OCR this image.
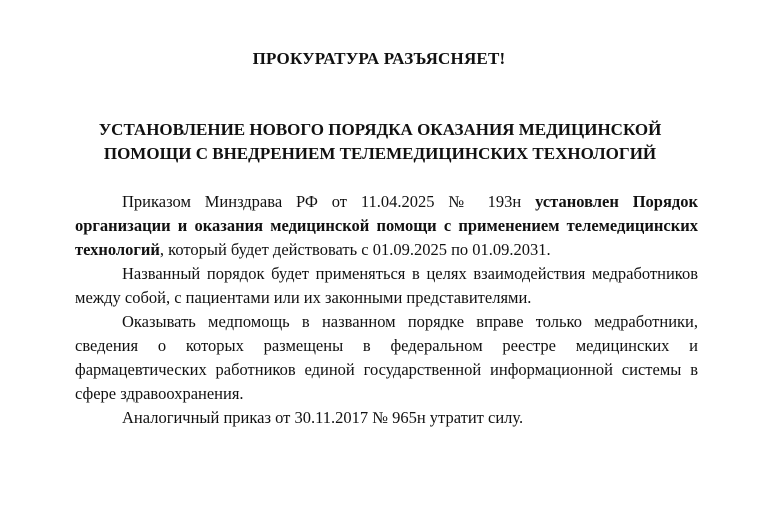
ПРОКУРАТУРА РАЗЪЯСНЯЕТ!
УСТАНОВЛЕНИЕ НОВОГО ПОРЯДКА ОКАЗАНИЯ МЕДИЦИНСКОЙ
ПОМОЩИ С ВНЕДРЕНИЕМ ТЕЛЕМЕДИЦИНСКИХ ТЕХНОЛОГИЙ

Приказом Минздрава РФ от 11.04.2025 № 193н установлен Порядок организации и оказания медицинской помощи с применением телемедицинских технологий, который будет действовать с 01.09.2025 по 01.09.2031.

Названный порядок будет применяться в целях взаимодействия медработников между собой, с пациентами или их законными представителями.

Оказывать медпомощь в названном порядке вправе только медработники, сведения о которых размещены в федеральном реестре медицинских и фармацевтических работников единой государственной информационной системы в сфере здравоохранения.

Аналогичный приказ от 30.11.2017 № 965н утратит силу.
